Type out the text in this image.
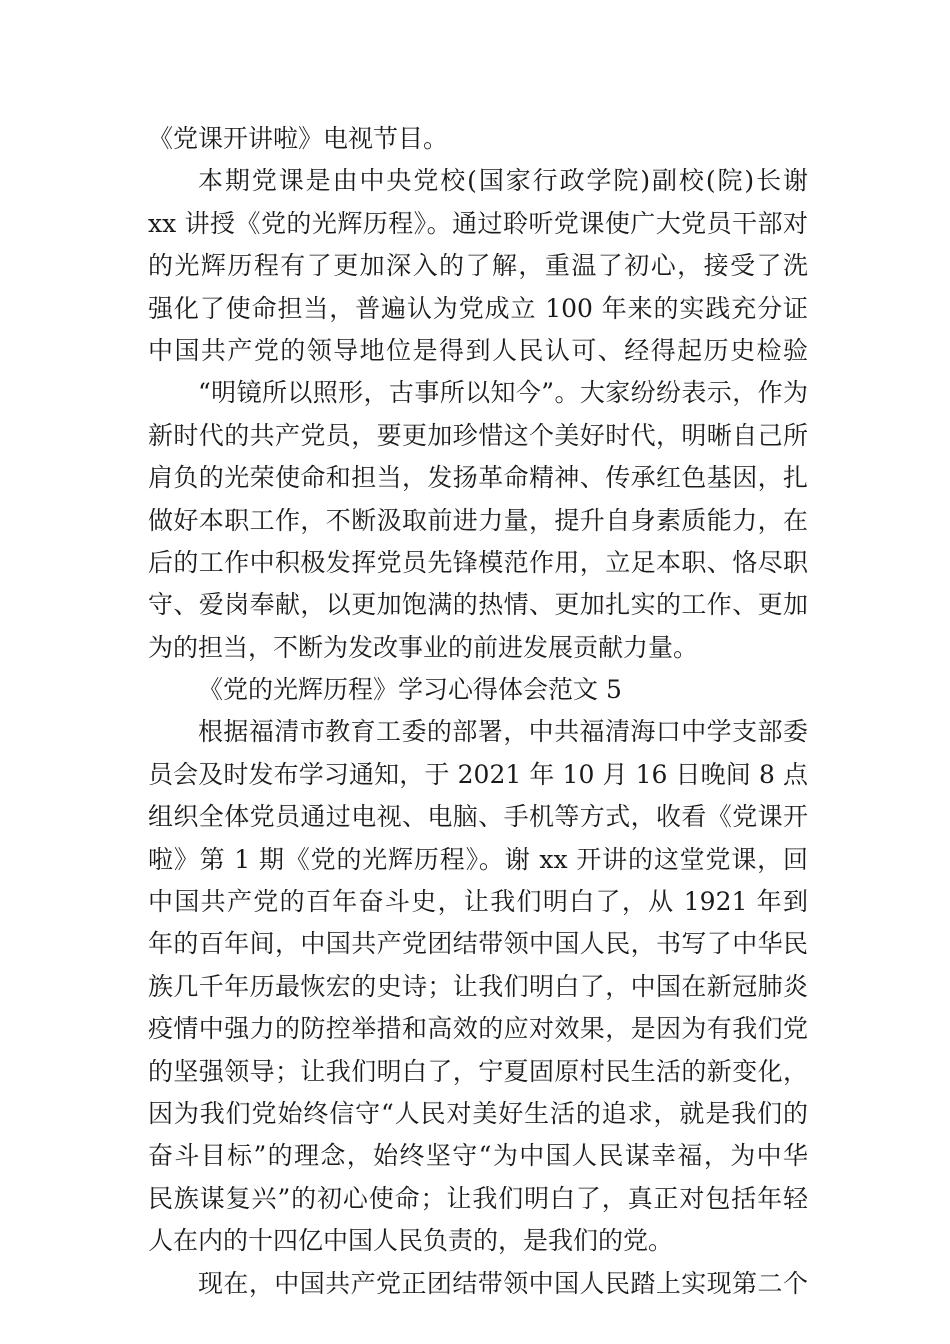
《党课开讲啦》电视节目。
本期党课是由中央党校(国家行政学院)副校(院)长谢
xx 讲授《党的光辉历程》。通过聆听党课使广大党员干部对
的光辉历程有了更加深入的了解，重温了初心，接受了洗
强化了使命担当，普遍认为党成立 100 年来的实践充分证
中国共产党的领导地位是得到人民认可、经得起历史检验
“明镜所以照形，古事所以知今”。大家纷纷表示，作为
新时代的共产党员，要更加珍惜这个美好时代，明晰自己所
肩负的光荣使命和担当，发扬革命精神、传承红色基因，扎
做好本职工作，不断汲取前进力量，提升自身素质能力，在
后的工作中积极发挥党员先锋模范作用，立足本职、恪尽职
守、爱岗奉献，以更加饱满的热情、更加扎实的工作、更加
为的担当，不断为发改事业的前进发展贡献力量。
《党的光辉历程》学习心得体会范文 5
根据福清市教育工委的部署，中共福清海口中学支部委
员会及时发布学习通知，于 2021 年 10 月 16 日晚间 8 点
组织全体党员通过电视、电脑、手机等方式，收看《党课开
啦》第 1 期《党的光辉历程》。谢 xx 开讲的这堂党课，回
中国共产党的百年奋斗史，让我们明白了，从 1921 年到
年的百年间，中国共产党团结带领中国人民，书写了中华民
族几千年历最恢宏的史诗；让我们明白了，中国在新冠肺炎
疫情中强力的防控举措和高效的应对效果，是因为有我们党
的坚强领导；让我们明白了，宁夏固原村民生活的新变化，
因为我们党始终信守“人民对美好生活的追求，就是我们的
奋斗目标”的理念，始终坚守“为中国人民谋幸福，为中华
民族谋复兴”的初心使命；让我们明白了，真正对包括年轻
人在内的十四亿中国人民负责的，是我们的党。
现在，中国共产党正团结带领中国人民踏上实现第二个
